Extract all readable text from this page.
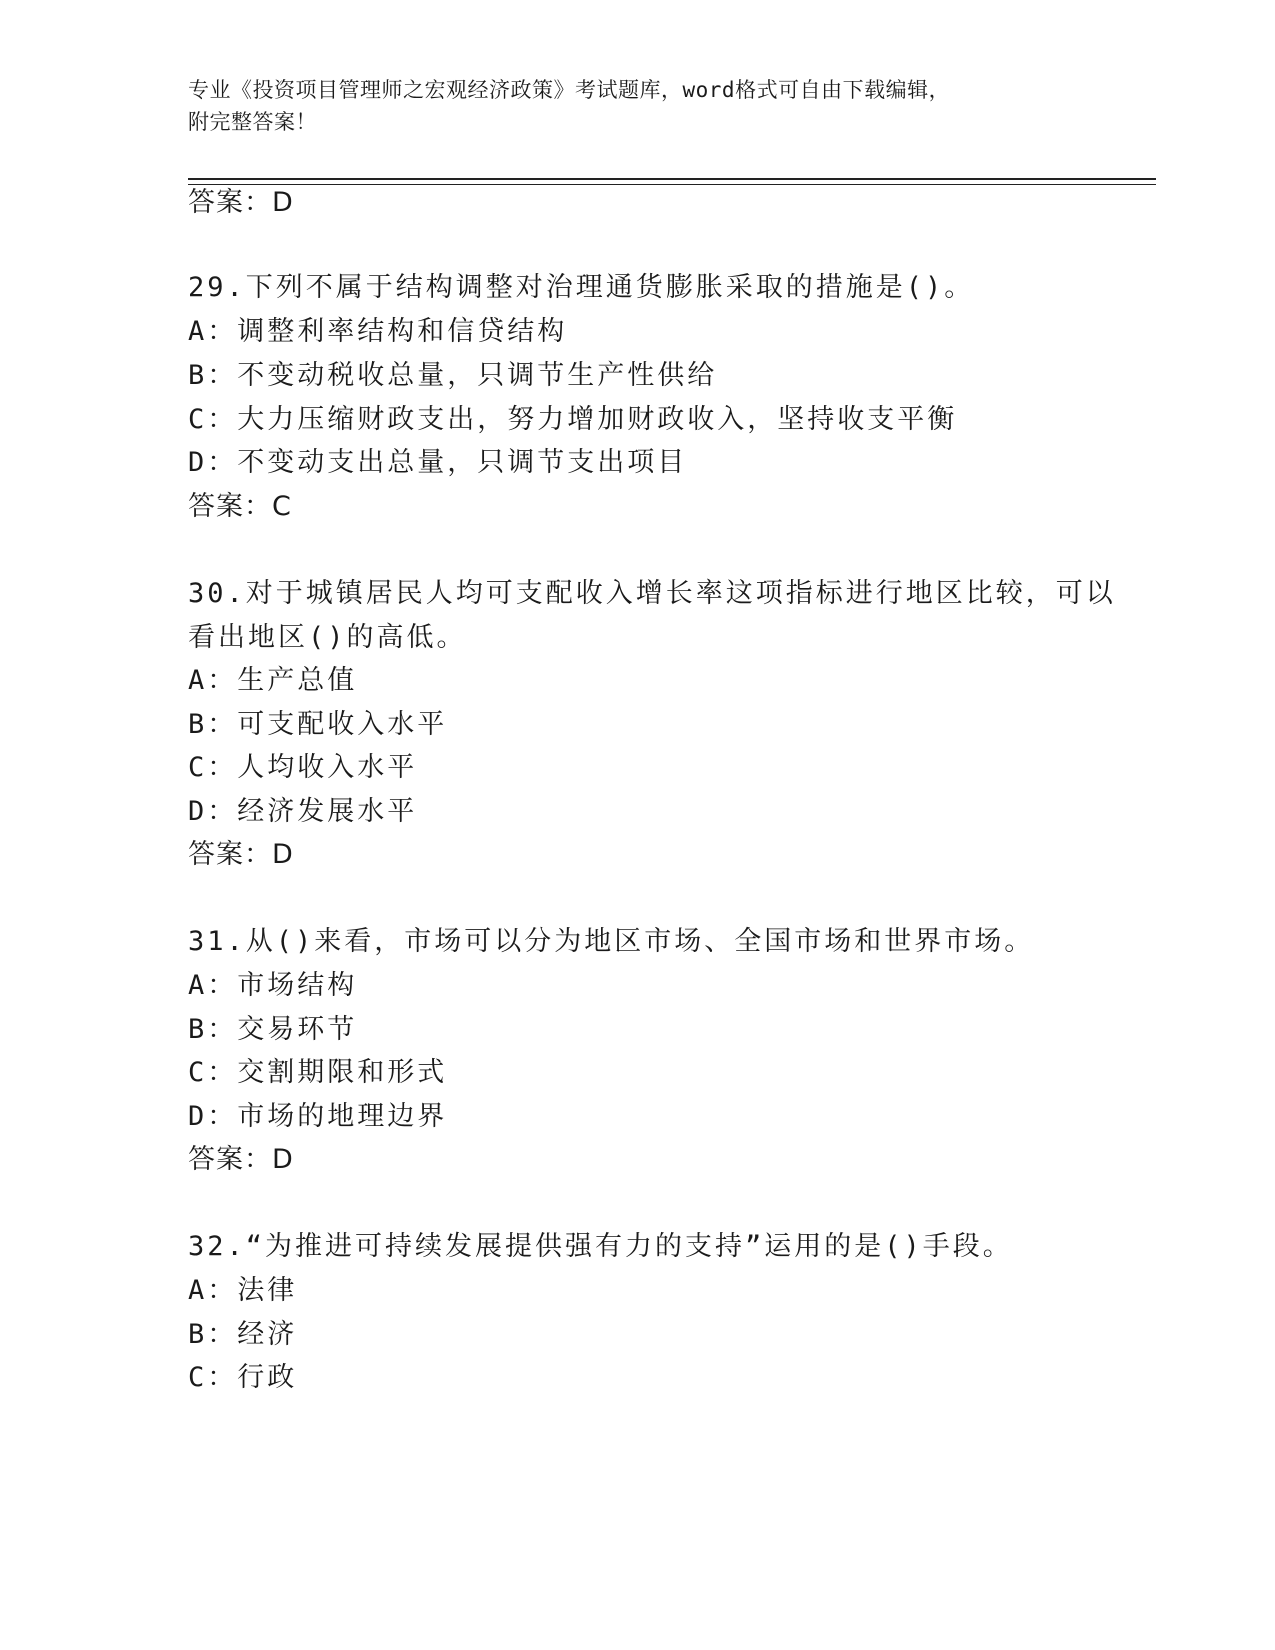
专业《投资项目管理师之宏观经济政策》考试题库，word格式可自由下载编辑，
附完整答案！
答案：D
29.下列不属于结构调整对治理通货膨胀采取的措施是()。
A：调整利率结构和信贷结构
B：不变动税收总量，只调节生产性供给
C：大力压缩财政支出，努力增加财政收入，坚持收支平衡
D：不变动支出总量，只调节支出项目
答案：C
30.对于城镇居民人均可支配收入增长率这项指标进行地区比较，可以
看出地区()的高低。
A：生产总值
B：可支配收入水平
C：人均收入水平
D：经济发展水平
答案：D
31.从()来看，市场可以分为地区市场、全国市场和世界市场。
A：市场结构
B：交易环节
C：交割期限和形式
D：市场的地理边界
答案：D
32.“为推进可持续发展提供强有力的支持”运用的是()手段。
A：法律
B：经济
C：行政
